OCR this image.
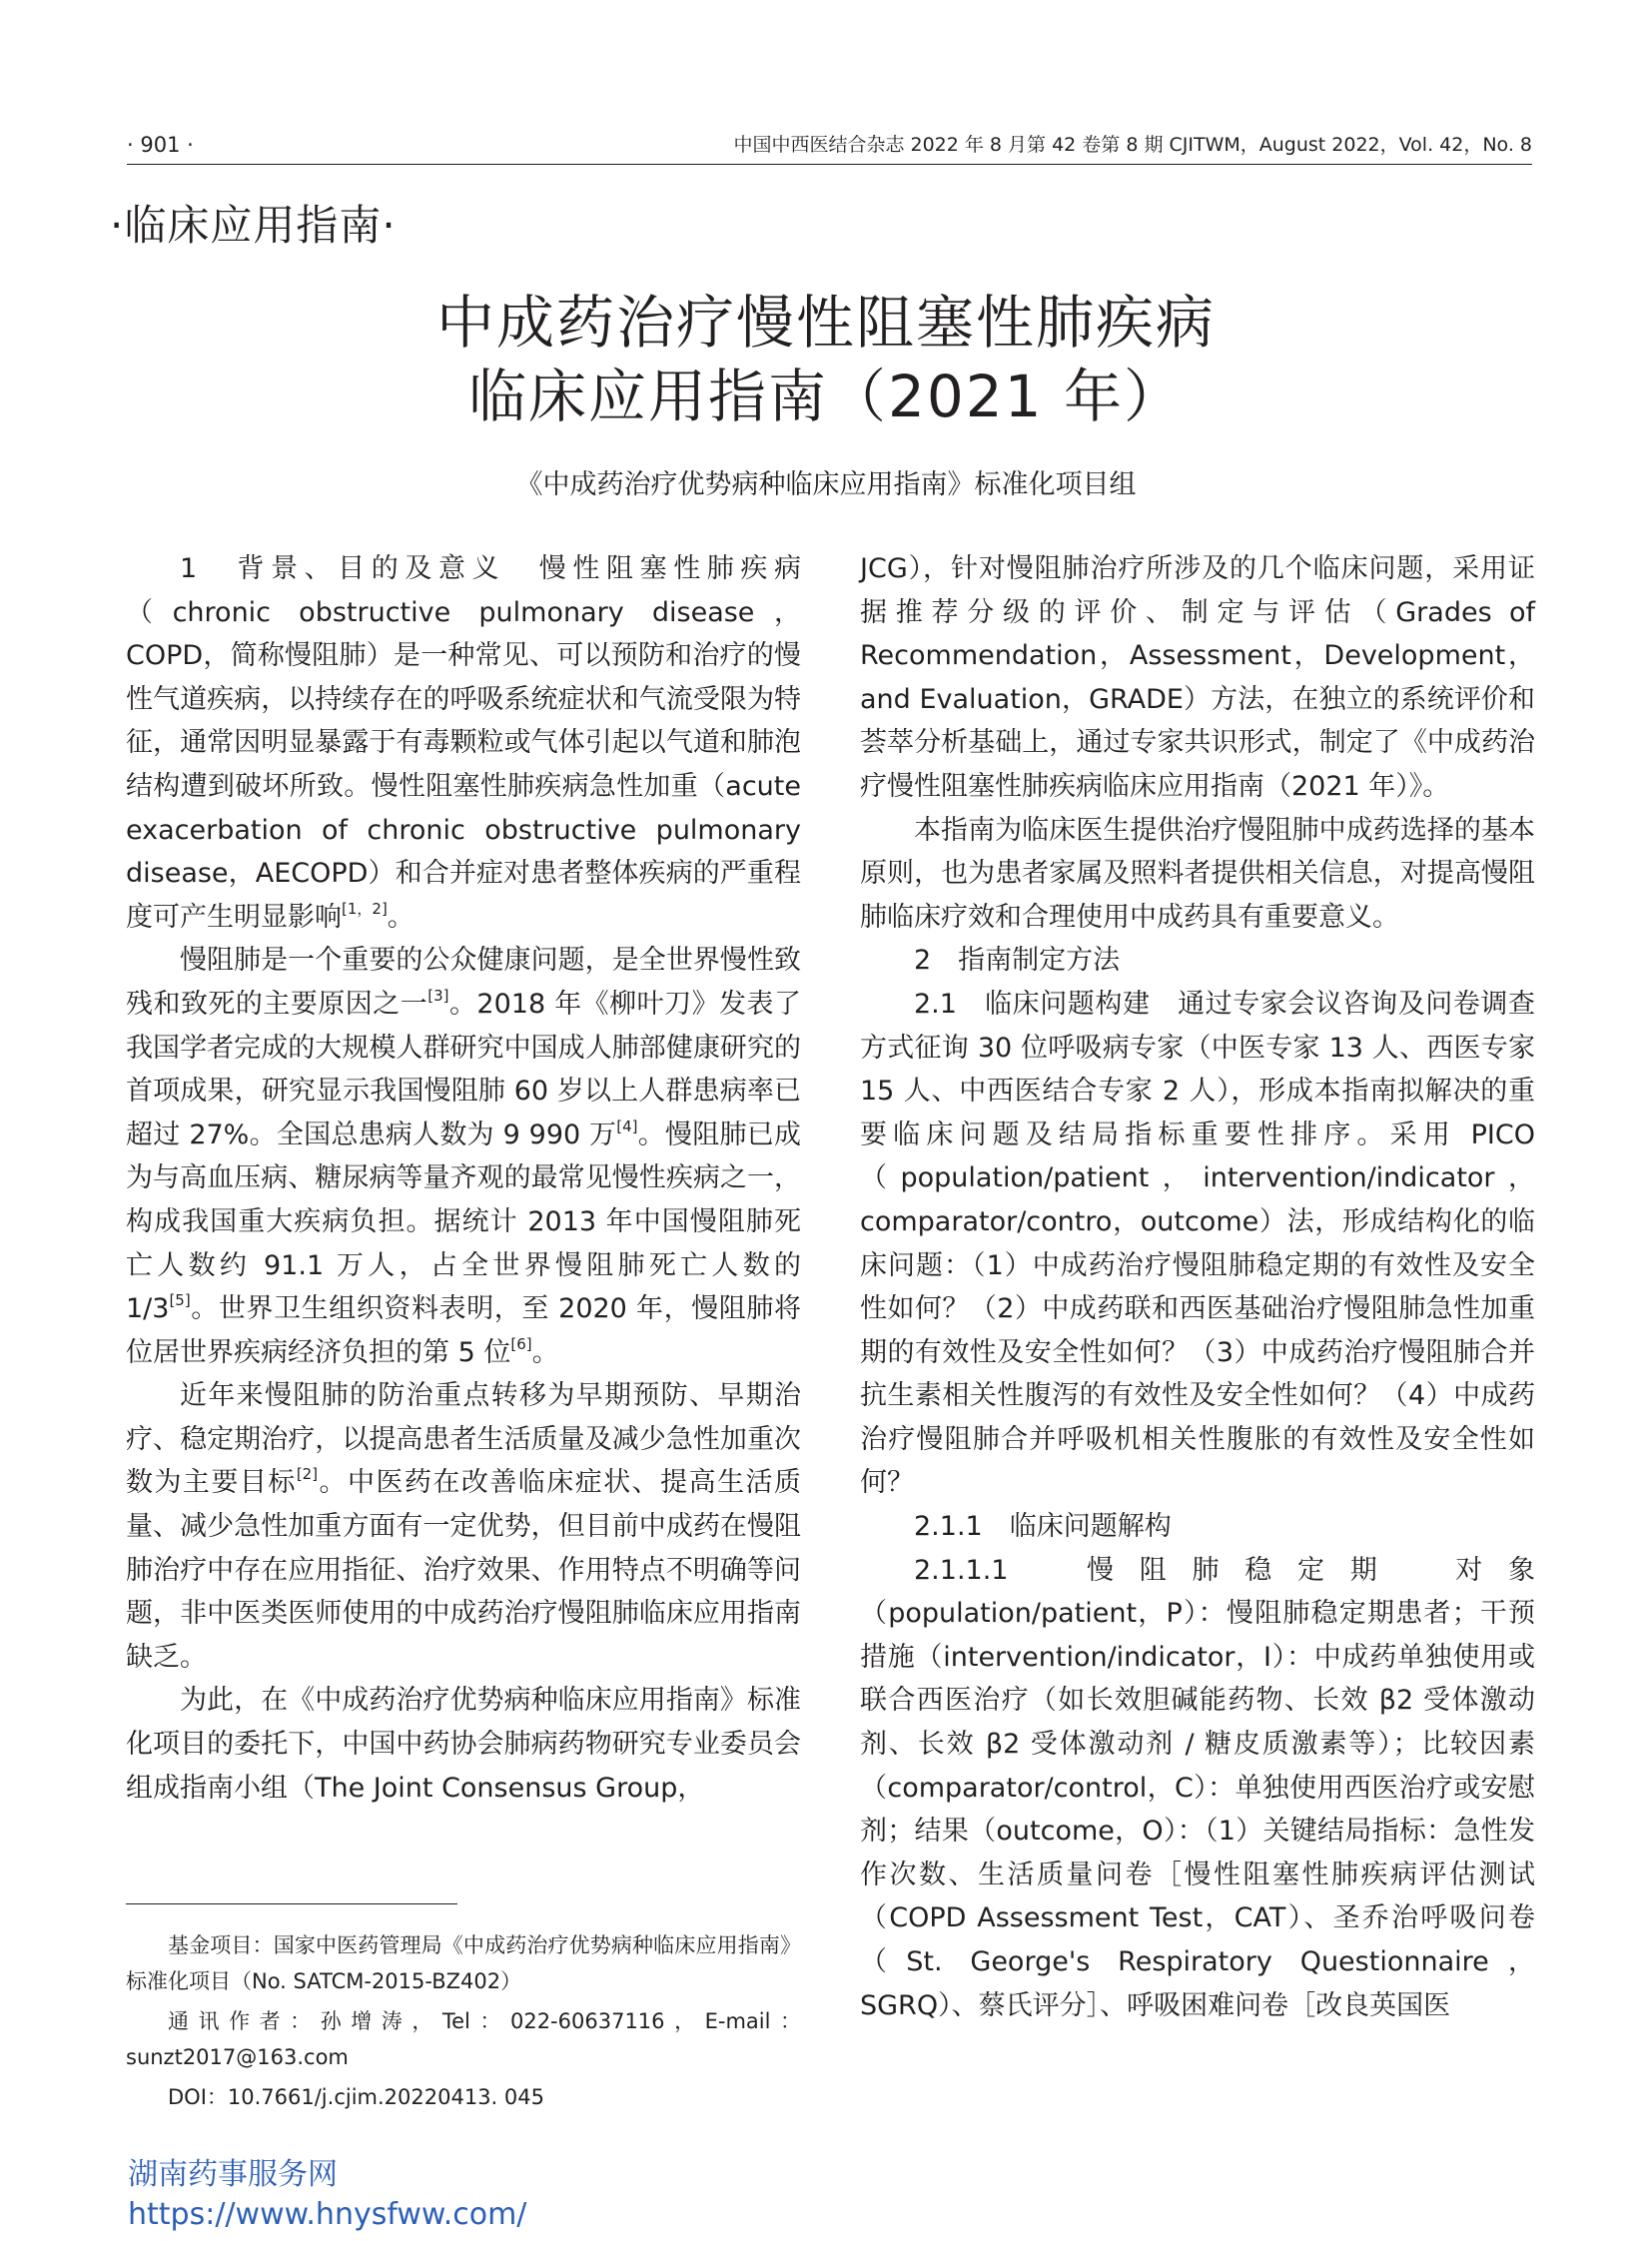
· 901 ·	中国中西医结合杂志 2022 年 8 月第 42 卷第 8 期 CJITWM，August 2022，Vol. 42，No. 8
·临床应用指南·
中成药治疗慢性阻塞性肺疾病
临床应用指南（2021 年）
《中成药治疗优势病种临床应用指南》标准化项目组

1　背景、目的及意义　慢性阻塞性肺疾病（chronic obstructive pulmonary disease，COPD，简称慢阻肺）是一种常见、可以预防和治疗的慢性气道疾病，以持续存在的呼吸系统症状和气流受限为特征，通常因明显暴露于有毒颗粒或气体引起以气道和肺泡结构遭到破坏所致。慢性阻塞性肺疾病急性加重（acute exacerbation of chronic obstructive pulmonary disease，AECOPD）和合并症对患者整体疾病的严重程度可产生明显影响[1，2]。

慢阻肺是一个重要的公众健康问题，是全世界慢性致残和致死的主要原因之一[3]。2018 年《柳叶刀》发表了我国学者完成的大规模人群研究中国成人肺部健康研究的首项成果，研究显示我国慢阻肺 60 岁以上人群患病率已超过 27%。全国总患病人数为 9 990 万[4]。慢阻肺已成为与高血压病、糖尿病等量齐观的最常见慢性疾病之一，构成我国重大疾病负担。据统计 2013 年中国慢阻肺死亡人数约 91.1 万人，占全世界慢阻肺死亡人数的 1/3[5]。世界卫生组织资料表明，至 2020 年，慢阻肺将位居世界疾病经济负担的第 5 位[6]。

近年来慢阻肺的防治重点转移为早期预防、早期治疗、稳定期治疗，以提高患者生活质量及减少急性加重次数为主要目标[2]。中医药在改善临床症状、提高生活质量、减少急性加重方面有一定优势，但目前中成药在慢阻肺治疗中存在应用指征、治疗效果、作用特点不明确等问题，非中医类医师使用的中成药治疗慢阻肺临床应用指南缺乏。

为此，在《中成药治疗优势病种临床应用指南》标准化项目的委托下，中国中药协会肺病药物研究专业委员会组成指南小组（The Joint Consensus Group，

JCG），针对慢阻肺治疗所涉及的几个临床问题，采用证据推荐分级的评价、制定与评估（Grades of Recommendation，Assessment，Development，and Evaluation，GRADE）方法，在独立的系统评价和荟萃分析基础上，通过专家共识形式，制定了《中成药治疗慢性阻塞性肺疾病临床应用指南（2021 年）》。

本指南为临床医生提供治疗慢阻肺中成药选择的基本原则，也为患者家属及照料者提供相关信息，对提高慢阻肺临床疗效和合理使用中成药具有重要意义。

2　指南制定方法

2.1　临床问题构建　通过专家会议咨询及问卷调查方式征询 30 位呼吸病专家（中医专家 13 人、西医专家 15 人、中西医结合专家 2 人），形成本指南拟解决的重要临床问题及结局指标重要性排序。采用 PICO（population/patient，intervention/indicator，comparator/contro，outcome）法，形成结构化的临床问题：（1）中成药治疗慢阻肺稳定期的有效性及安全性如何？（2）中成药联和西医基础治疗慢阻肺急性加重期的有效性及安全性如何？（3）中成药治疗慢阻肺合并抗生素相关性腹泻的有效性及安全性如何？（4）中成药治疗慢阻肺合并呼吸机相关性腹胀的有效性及安全性如何？

2.1.1　临床问题解构

2.1.1.1　慢阻肺稳定期　对象（population/patient，P）：慢阻肺稳定期患者；干预措施（intervention/indicator，I）：中成药单独使用或联合西医治疗（如长效胆碱能药物、长效 β2 受体激动剂、长效 β2 受体激动剂 / 糖皮质激素等）；比较因素（comparator/control，C）：单独使用西医治疗或安慰剂；结果（outcome，O）：（1）关键结局指标：急性发作次数、生活质量问卷［慢性阻塞性肺疾病评估测试（COPD Assessment Test，CAT）、圣乔治呼吸问卷（St. George's Respiratory Questionnaire，SGRQ）、蔡氏评分］、呼吸困难问卷［改良英国医

基金项目：国家中医药管理局《中成药治疗优势病种临床应用指南》标准化项目（No. SATCM-2015-BZ402）

通讯作者：孙增涛，Tel：022-60637116，E-mail：sunzt2017@163.com

DOI：10.7661/j.cjim.20220413. 045

湖南药事服务网
https://www.hnysfww.com/
